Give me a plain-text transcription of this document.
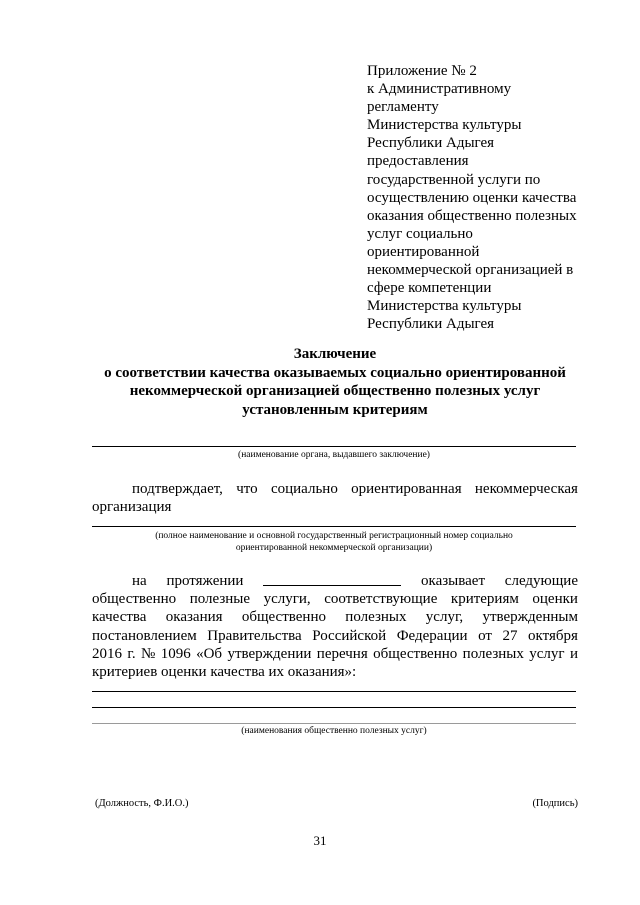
Приложение № 2
к Административному
регламенту
Министерства культуры
Республики Адыгея
предоставления
государственной услуги по
осуществлению оценки качества
оказания общественно полезных
услуг социально
ориентированной
некоммерческой организацией в
сфере компетенции
Министерства культуры
Республики Адыгея
Заключение
о соответствии качества оказываемых социально ориентированной
некоммерческой организацией общественно полезных услуг
установленным критериям
(наименование органа, выдавшего заключение)
подтверждает, что социально ориентированная некоммерческая
организация
(полное наименование и основной государственный регистрационный номер социально
ориентированной некоммерческой организации)
на протяжении	оказывает следующие
общественно полезные услуги, соответствующие критериям оценки
качества оказания общественно полезных услуг, утвержденным
постановлением Правительства Российской Федерации от 27 октября
2016 г. № 1096 «Об утверждении перечня общественно полезных услуг и
критериев оценки качества их оказания»:
(наименования общественно полезных услуг)
(Должность, Ф.И.О.)	(Подпись)
31
